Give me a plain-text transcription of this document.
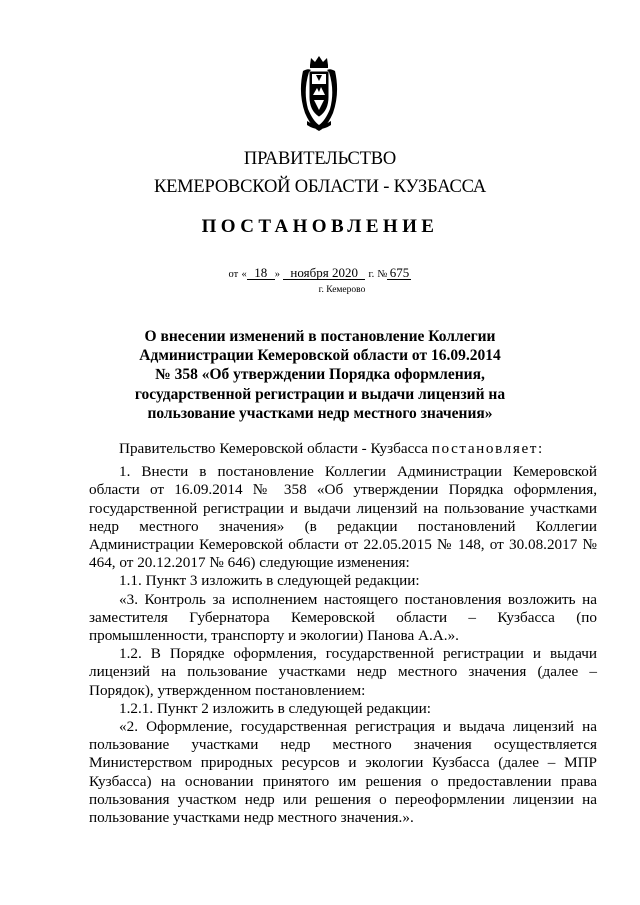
ПРАВИТЕЛЬСТВО
КЕМЕРОВСКОЙ ОБЛАСТИ - КУЗБАССА
ПОСТАНОВЛЕНИЕ
от « 18 » ноября 2020 г. № 675
г. Кемерово
О внесении изменений в постановление Коллегии
Администрации Кемеровской области от 16.09.2014
№ 358 «Об утверждении Порядка оформления,
государственной регистрации и выдачи лицензий на
пользование участками недр местного значения»
Правительство Кемеровской области - Кузбасса постановляет:
1. Внести в постановление Коллегии Администрации Кемеровской области от 16.09.2014 № 358 «Об утверждении Порядка оформления, государственной регистрации и выдачи лицензий на пользование участками недр местного значения» (в редакции постановлений Коллегии Администрации Кемеровской области от 22.05.2015 № 148, от 30.08.2017 № 464, от 20.12.2017 № 646) следующие изменения:
1.1. Пункт 3 изложить в следующей редакции:
«3. Контроль за исполнением настоящего постановления возложить на заместителя Губернатора Кемеровской области – Кузбасса (по промышленности, транспорту и экологии) Панова А.А.».
1.2. В Порядке оформления, государственной регистрации и выдачи лицензий на пользование участками недр местного значения (далее – Порядок), утвержденном постановлением:
1.2.1. Пункт 2 изложить в следующей редакции:
«2. Оформление, государственная регистрация и выдача лицензий на пользование участками недр местного значения осуществляется Министерством природных ресурсов и экологии Кузбасса (далее – МПР Кузбасса) на основании принятого им решения о предоставлении права пользования участком недр или решения о переоформлении лицензии на пользование участками недр местного значения.».
